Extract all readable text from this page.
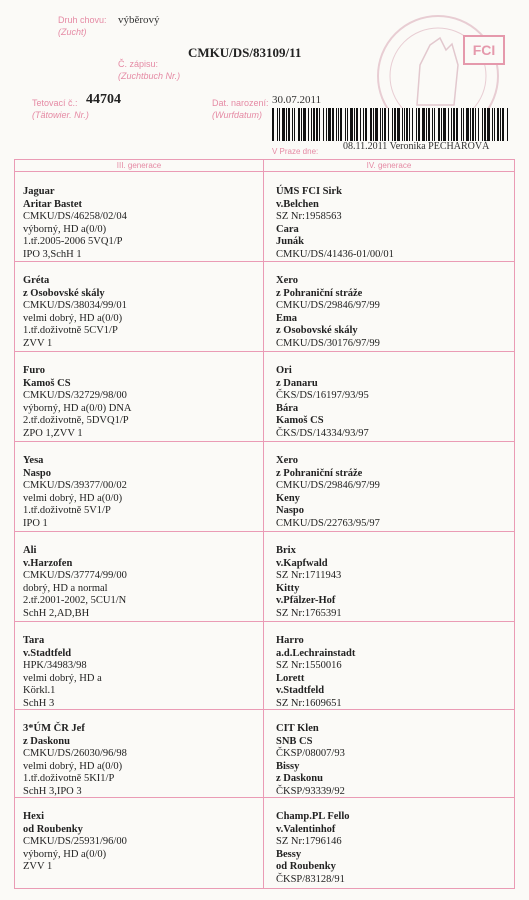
Druh chovu:
(Zucht)
výběrový
Č. zápisu:
(Zuchtbuch Nr.)
CMKU/DS/83109/11
Tetovací č.:
(Tätowier. Nr.)
44704	Dat. narození:
(Wurfdatum)
30.07.2011
FCI
V Praze dne: 08.11.2011 Veronika PECHAROVÁ
III. generace	IV. generace
Jaguar
Aritar Bastet
CMKU/DS/46258/02/04
výborný, HD a(0/0)
1.tř.2005-2006 5VQ1/P
IPO 3,SchH 1
ÚMS FCI Sirk
v.Belchen
SZ Nr:1958563
Cara
Junák
CMKU/DS/41436-01/00/01
Gréta
z Osobovské skály
CMKU/DS/38034/99/01
velmi dobrý, HD a(0/0)
1.tř.doživotně 5CV1/P
ZVV 1
Xero
z Pohraniční stráže
CMKU/DS/29846/97/99
Ema
z Osobovské skály
CMKU/DS/30176/97/99
Furo
Kamoš CS
CMKU/DS/32729/98/00
výborný, HD a(0/0) DNA
2.tř.doživotně, 5DVQ1/P
ZPO 1,ZVV 1
Ori
z Danaru
ČKS/DS/16197/93/95
Bára
Kamoš CS
ČKS/DS/14334/93/97
Yesa
Naspo
CMKU/DS/39377/00/02
velmi dobrý, HD a(0/0)
1.tř.doživotně 5V1/P
IPO 1
Xero
z Pohraniční stráže
CMKU/DS/29846/97/99
Keny
Naspo
CMKU/DS/22763/95/97
Ali
v.Harzofen
CMKU/DS/37774/99/00
dobrý, HD a normal
2.tř.2001-2002, 5CU1/N
SchH 2,AD,BH
Brix
v.Kapfwald
SZ Nr:1711943
Kitty
v.Pfälzer-Hof
SZ Nr:1765391
Tara
v.Stadtfeld
HPK/34983/98
velmi dobrý, HD a
Körkl.1
SchH 3
Harro
a.d.Lechrainstadt
SZ Nr:1550016
Lorett
v.Stadtfeld
SZ Nr:1609651
3*ÚM ČR Jef
z Daskonu
CMKU/DS/26030/96/98
velmi dobrý, HD a(0/0)
1.tř.doživotně 5KI1/P
SchH 3,IPO 3
CIT Klen
SNB CS
ČKSP/08007/93
Bissy
z Daskonu
ČKSP/93339/92
Hexi
od Roubenky
CMKU/DS/25931/96/00
výborný, HD a(0/0)
ZVV 1
Champ.PL Fello
v.Valentinhof
SZ Nr:1796146
Bessy
od Roubenky
ČKSP/83128/91
